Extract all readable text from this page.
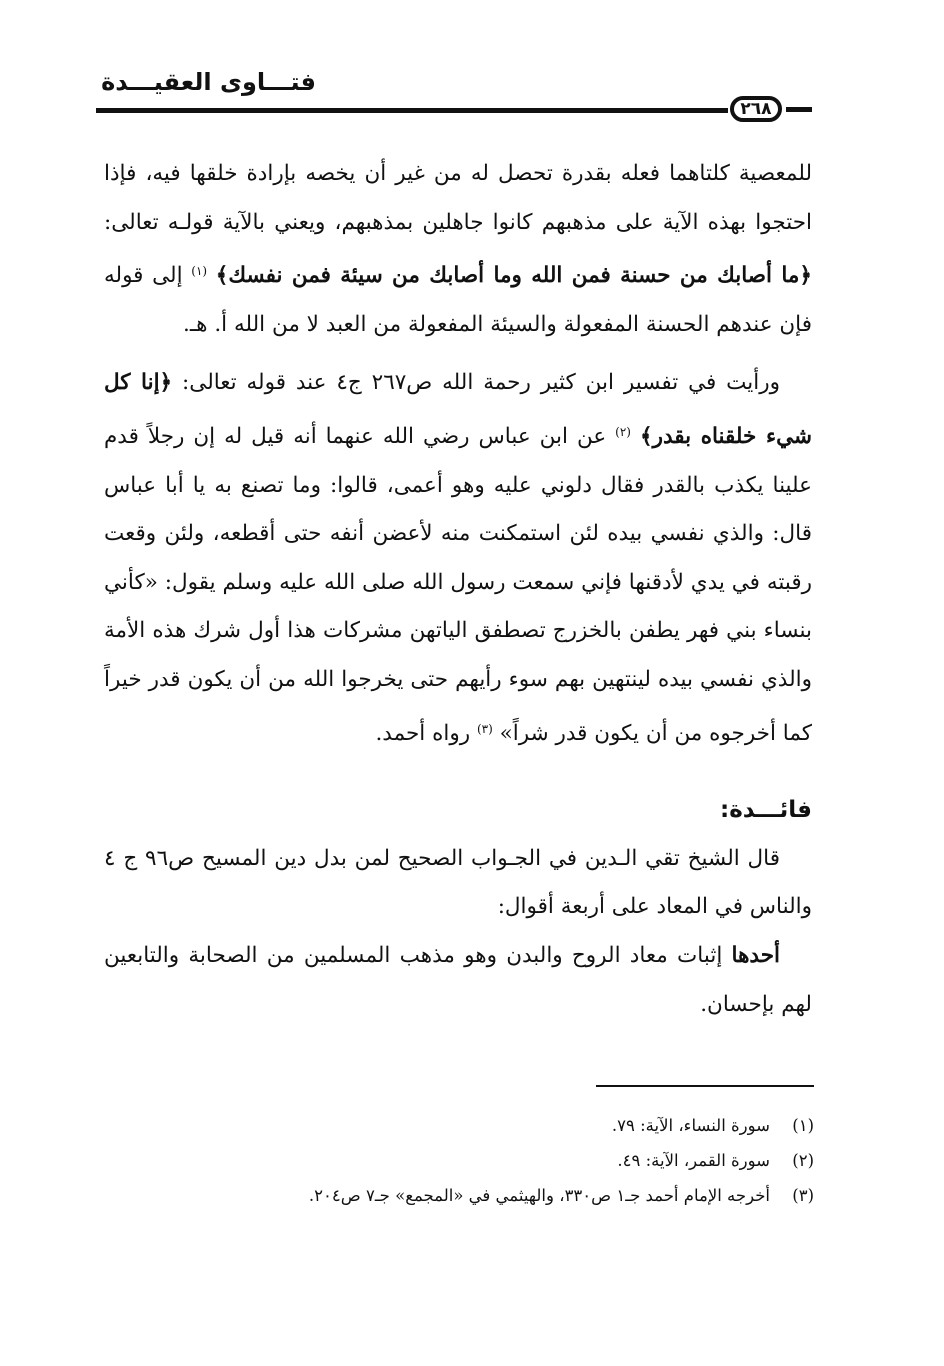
فتـــاوى العقيـــدة
٢٦٨

للمعصية كلتاهما فعله بقدرة تحصل له من غير أن يخصه بإرادة خلقها فيه، فإذا احتجوا بهذه الآية على مذهبهم كانوا جاهلين بمذهبهم، ويعني بالآية قولـه تعالى: ﴿ما أصابك من حسنة فمن الله وما أصابك من سيئة فمن نفسك﴾ $^{(١)}$ إلى قوله فإن عندهم الحسنة المفعولة والسيئة المفعولة من العبد لا من الله أ. هـ.

ورأيت في تفسير ابن كثير رحمة الله ص٢٦٧ ج٤ عند قوله تعالى: ﴿إنا كل شيء خلقناه بقدر﴾ $^{(٢)}$ عن ابن عباس رضي الله عنهما أنه قيل له إن رجلاً قدم علينا يكذب بالقدر فقال دلوني عليه وهو أعمى، قالوا: وما تصنع به يا أبا عباس قال: والذي نفسي بيده لئن استمكنت منه لأعضن أنفه حتى أقطعه، ولئن وقعت رقبته في يدي لأدقنها فإني سمعت رسول الله صلى الله عليه وسلم يقول: «كأني بنساء بني فهر يطفن بالخزرج تصطفق الياتهن مشركات هذا أول شرك هذه الأمة والذي نفسي بيده لينتهين بهم سوء رأيهم حتى يخرجوا الله من أن يكون قدر خيراً كما أخرجوه من أن يكون قدر شراً» $^{(٣)}$ رواه أحمد.

فائـــدة:

قال الشيخ تقي الـدين في الجـواب الصحيح لمن بدل دين المسيح ص٩٦ ج ٤ والناس في المعاد على أربعة أقوال:

أحدها إثبات معاد الروح والبدن وهو مذهب المسلمين من الصحابة والتابعين لهم بإحسان.

(١)
سورة النساء، الآية: ٧٩.
(٢)
سورة القمر، الآية: ٤٩.
(٣)
أخرجه الإمام أحمد جـ١ ص٣٣٠، والهيثمي في «المجمع» جـ٧ ص٢٠٤.
